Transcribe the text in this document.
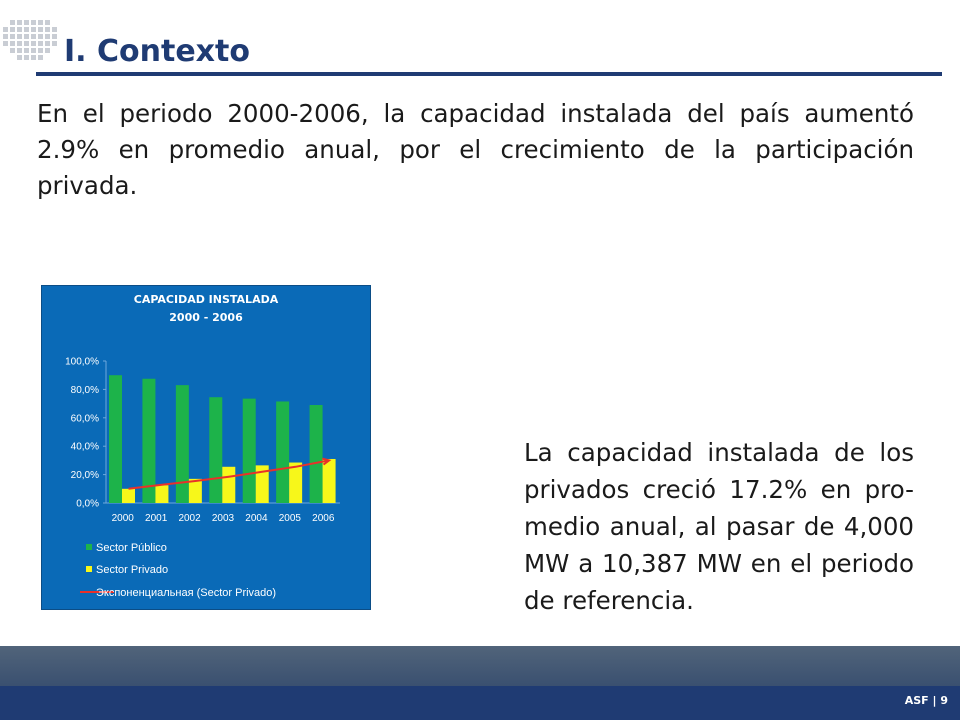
I. Contexto
En el periodo 2000-2006, la capacidad instalada del país aumentó 2.9% en promedio anual, por el crecimiento de la participación privada.
CAPACIDAD INSTALADA
2000 - 2006
0,0%
20,0%
40,0%
60,0%
80,0%
100,0%
2000 2001 2002 2003 2004 2005 2006
Sector Público
Sector Privado
Экспоненциальная (Sector Privado)
La capacidad instalada de los privados creció 17.2% en pro-medio anual, al pasar de 4,000 MW a 10,387 MW en el periodo de referencia.
ASF | 9
